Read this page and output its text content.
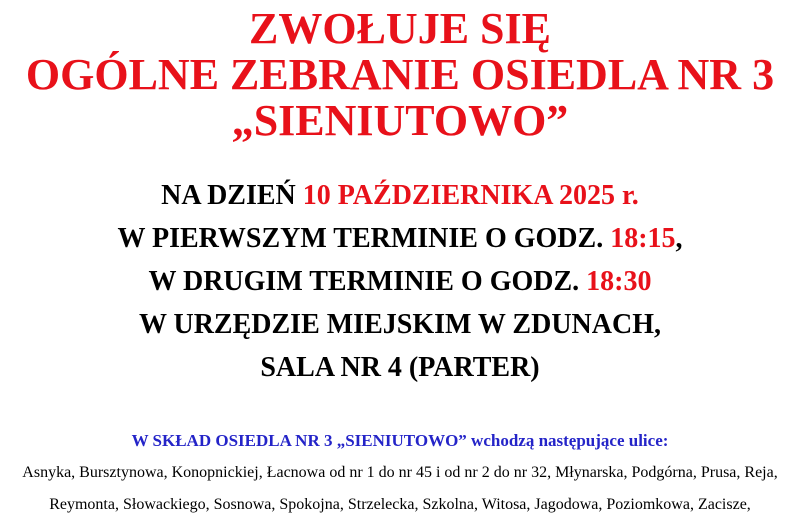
ZWOŁUJE SIĘ
OGÓLNE ZEBRANIE OSIEDLA NR 3
„SIENIUTOWO”

NA DZIEŃ 10 PAŹDZIERNIKA 2025 r.

W PIERWSZYM TERMINIE O GODZ. 18:15,

W DRUGIM TERMINIE O GODZ. 18:30

W URZĘDZIE MIEJSKIM W ZDUNACH,

SALA NR 4 (PARTER)

W SKŁAD OSIEDLA NR 3 „SIENIUTOWO” wchodzą następujące ulice:

Asnyka, Bursztynowa, Konopnickiej, Łacnowa od nr 1 do nr 45 i od nr 2 do nr 32, Młynarska, Podgórna, Prusa, Reja,
Reymonta, Słowackiego, Sosnowa, Spokojna, Strzelecka, Szkolna, Witosa, Jagodowa, Poziomkowa, Zacisze,
